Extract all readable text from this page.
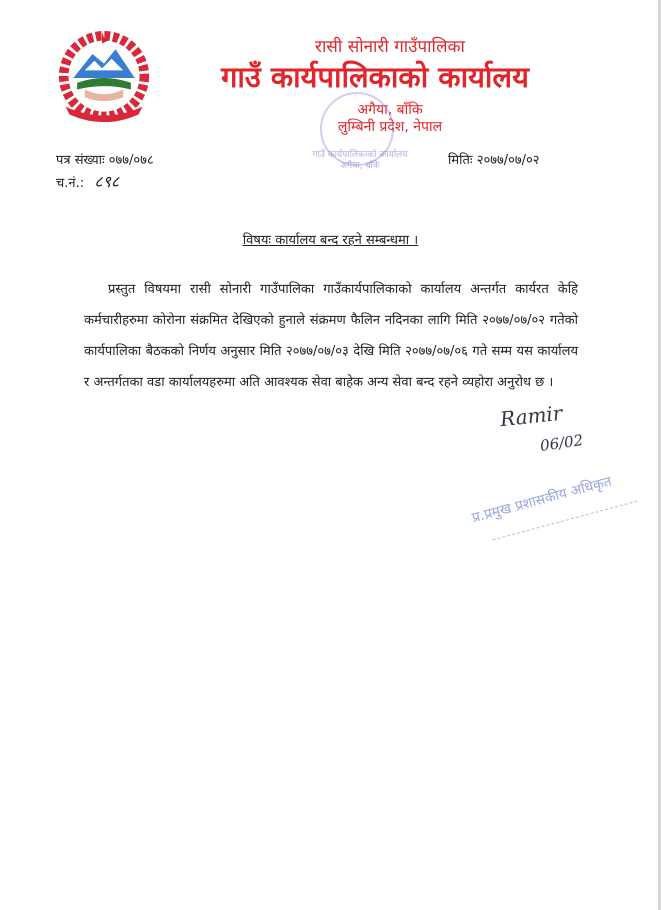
रासी सोनारी गाउँपालिका
गाउँ कार्यपालिकाको कार्यालय
अगैया, बाँकि
लुम्बिनी प्रदेश, नेपाल
गाउँ कार्यपालिकाको कार्यालय अगैया, बाँके
पत्र संख्याः ०७७/०७८
च.नं.: ८९८
मितिः २०७७/०७/०२
विषयः कार्यालय बन्द रहने सम्बन्धमा ।
प्रस्तुत विषयमा रासी सोनारी गाउँपालिका गाउँकार्यपालिकाको कार्यालय अन्तर्गत कार्यरत केहि कर्मचारीहरुमा कोरोना संक्रमित देखिएको हुनाले संक्रमण फैलिन नदिनका लागि मिति २०७७/०७/०२ गतेको कार्यपालिका बैठकको निर्णय अनुसार मिति २०७७/०७/०३ देखि मिति २०७७/०७/०६ गते सम्म यस कार्यालय र अन्तर्गतका वडा कार्यालयहरुमा अति आवश्यक सेवा बाहेक अन्य सेवा बन्द रहने व्यहोरा अनुरोध छ ।
Ramir
06/02
प्र.प्रमुख प्रशासकीय अधिकृत
